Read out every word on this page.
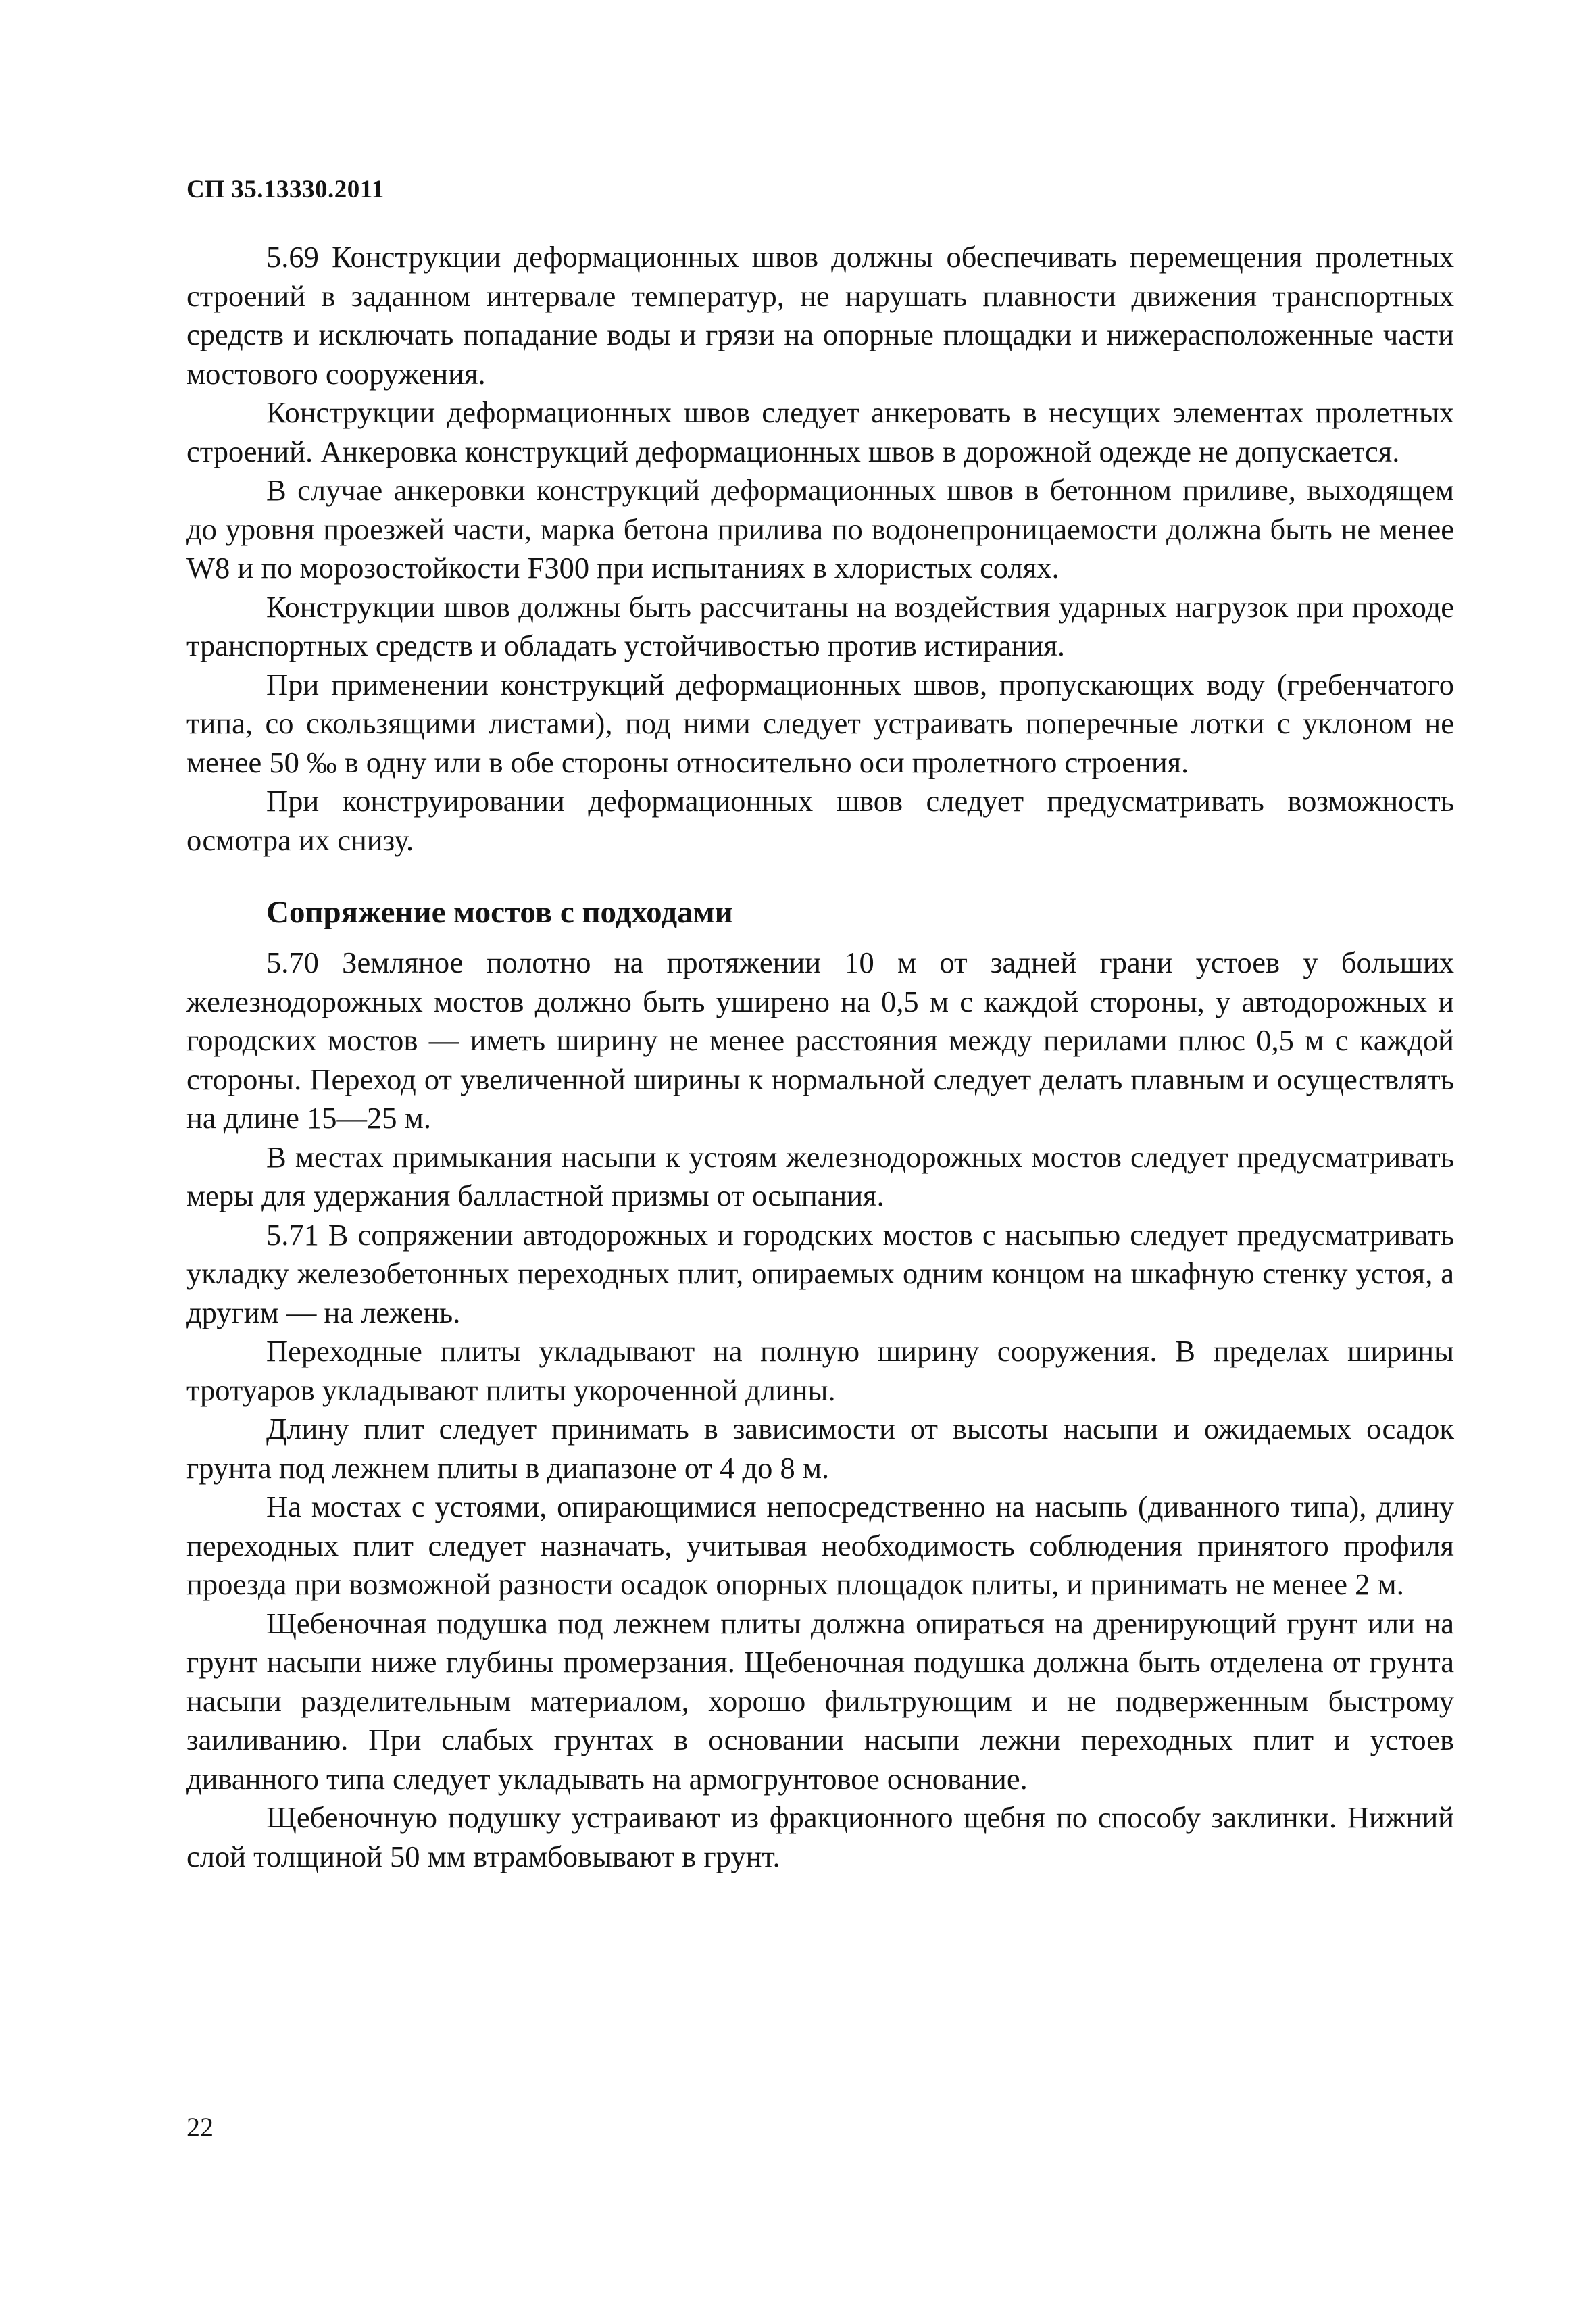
СП 35.13330.2011

5.69 Конструкции деформационных швов должны обеспечивать перемещения пролетных строений в заданном интервале температур, не нарушать плавности движения транспортных средств и исключать попадание воды и грязи на опорные площадки и нижерасположенные части мостового сооружения.

Конструкции деформационных швов следует анкеровать в несущих элементах пролетных строений. Анкеровка конструкций деформационных швов в дорожной одежде не допускается.

В случае анкеровки конструкций деформационных швов в бетонном приливе, выходящем до уровня проезжей части, марка бетона прилива по водонепроницаемости должна быть не менее W8 и по морозостойкости F300 при испытаниях в хлористых солях.

Конструкции швов должны быть рассчитаны на воздействия ударных нагрузок при проходе транспортных средств и обладать устойчивостью против истирания.

При применении конструкций деформационных швов, пропускающих воду (гребенчатого типа, со скользящими листами), под ними следует устраивать поперечные лотки с уклоном не менее 50 ‰ в одну или в обе стороны относительно оси пролетного строения.

При конструировании деформационных швов следует предусматривать возможность осмотра их снизу.

Сопряжение мостов с подходами

5.70 Земляное полотно на протяжении 10 м от задней грани устоев у больших железнодорожных мостов должно быть уширено на 0,5 м с каждой стороны, у автодорожных и городских мостов — иметь ширину не менее расстояния между перилами плюс 0,5 м с каждой стороны. Переход от увеличенной ширины к нормальной следует делать плавным и осуществлять на длине 15—25 м.

В местах примыкания насыпи к устоям железнодорожных мостов следует предусматривать меры для удержания балластной призмы от осыпания.

5.71 В сопряжении автодорожных и городских мостов с насыпью следует предусматривать укладку железобетонных переходных плит, опираемых одним концом на шкафную стенку устоя, а другим — на лежень.

Переходные плиты укладывают на полную ширину сооружения. В пределах ширины тротуаров укладывают плиты укороченной длины.

Длину плит следует принимать в зависимости от высоты насыпи и ожидаемых осадок грунта под лежнем плиты в диапазоне от 4 до 8 м.

На мостах с устоями, опирающимися непосредственно на насыпь (диванного типа), длину переходных плит следует назначать, учитывая необходимость соблюдения принятого профиля проезда при возможной разности осадок опорных площадок плиты, и принимать не менее 2 м.

Щебеночная подушка под лежнем плиты должна опираться на дренирующий грунт или на грунт насыпи ниже глубины промерзания. Щебеночная подушка должна быть отделена от грунта насыпи разделительным материалом, хорошо фильтрующим и не подверженным быстрому заиливанию. При слабых грунтах в основании насыпи лежни переходных плит и устоев диванного типа следует укладывать на армогрунтовое основание.

Щебеночную подушку устраивают из фракционного щебня по способу заклинки. Нижний слой толщиной 50 мм втрамбовывают в грунт.

22
